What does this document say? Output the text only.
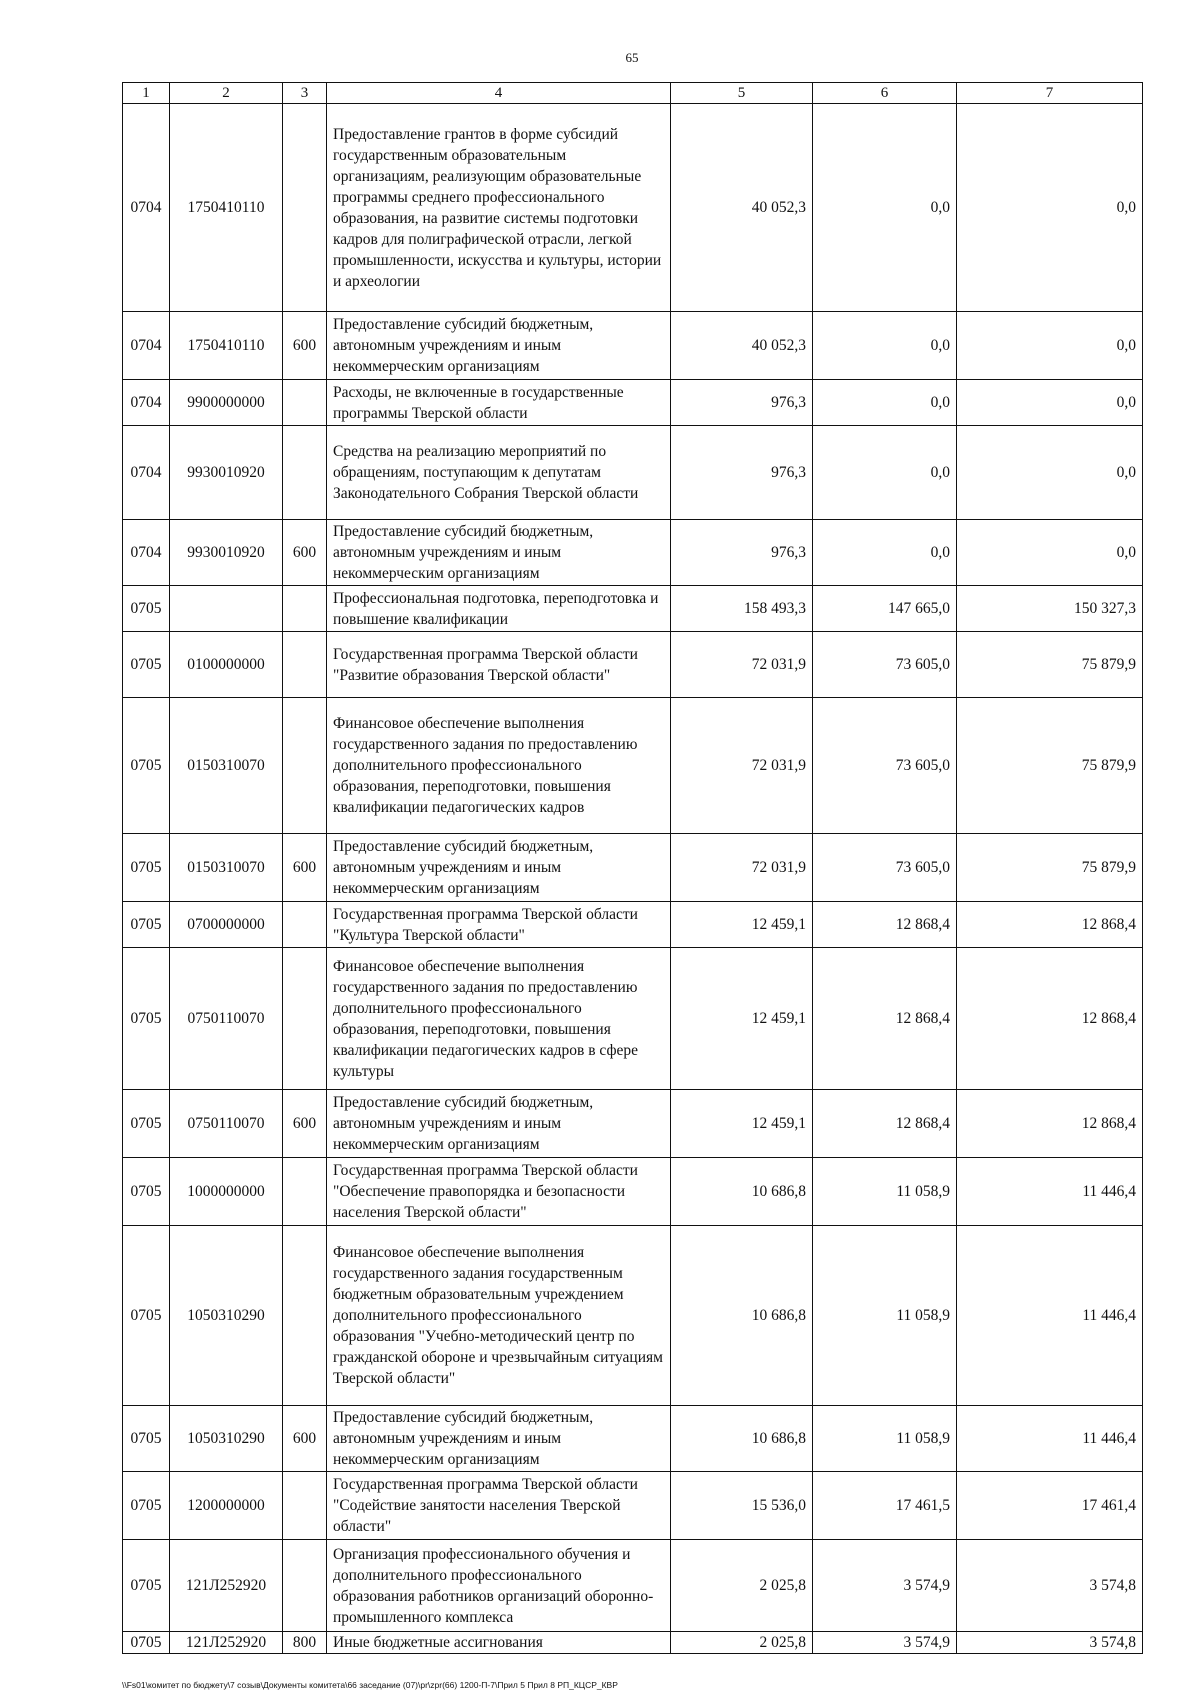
65
1	2	3	4	5	6	7
0704	1750410110		Предоставление грантов в форме субсидий государственным образовательным организациям, реализующим образовательные программы среднего профессионального образования, на развитие системы подготовки кадров для полиграфической отрасли, легкой промышленности, искусства и культуры, истории и археологии	40 052,3	0,0	0,0
0704	1750410110	600	Предоставление субсидий бюджетным, автономным учреждениям и иным некоммерческим организациям	40 052,3	0,0	0,0
0704	9900000000		Расходы, не включенные в государственные программы Тверской области	976,3	0,0	0,0
0704	9930010920		Средства на реализацию мероприятий по обращениям, поступающим к депутатам Законодательного Собрания Тверской области	976,3	0,0	0,0
0704	9930010920	600	Предоставление субсидий бюджетным, автономным учреждениям и иным некоммерческим организациям	976,3	0,0	0,0
0705			Профессиональная подготовка, переподготовка и повышение квалификации	158 493,3	147 665,0	150 327,3
0705	0100000000		Государственная программа Тверской области "Развитие образования Тверской области"	72 031,9	73 605,0	75 879,9
0705	0150310070		Финансовое обеспечение выполнения государственного задания по предоставлению дополнительного профессионального образования, переподготовки, повышения квалификации педагогических кадров	72 031,9	73 605,0	75 879,9
0705	0150310070	600	Предоставление субсидий бюджетным, автономным учреждениям и иным некоммерческим организациям	72 031,9	73 605,0	75 879,9
0705	0700000000		Государственная программа Тверской области "Культура Тверской области"	12 459,1	12 868,4	12 868,4
0705	0750110070		Финансовое обеспечение выполнения государственного задания по предоставлению дополнительного профессионального образования, переподготовки, повышения квалификации педагогических кадров в сфере культуры	12 459,1	12 868,4	12 868,4
0705	0750110070	600	Предоставление субсидий бюджетным, автономным учреждениям и иным некоммерческим организациям	12 459,1	12 868,4	12 868,4
0705	1000000000		Государственная программа Тверской области "Обеспечение правопорядка и безопасности населения Тверской области"	10 686,8	11 058,9	11 446,4
0705	1050310290		Финансовое обеспечение выполнения государственного задания государственным бюджетным образовательным учреждением дополнительного профессионального образования "Учебно-методический центр по гражданской обороне и чрезвычайным ситуациям Тверской области"	10 686,8	11 058,9	11 446,4
0705	1050310290	600	Предоставление субсидий бюджетным, автономным учреждениям и иным некоммерческим организациям	10 686,8	11 058,9	11 446,4
0705	1200000000		Государственная программа Тверской области "Содействие занятости населения Тверской области"	15 536,0	17 461,5	17 461,4
0705	121Л252920		Организация профессионального обучения и дополнительного профессионального образования работников организаций оборонно-промышленного комплекса	2 025,8	3 574,9	3 574,8
0705	121Л252920	800	Иные бюджетные ассигнования	2 025,8	3 574,9	3 574,8
\\Fs01\комитет по бюджету\7 созыв\Документы комитета\66 заседание (07)\pr\zpr(66) 1200-П-7\Прил 5 Прил 8 РП_КЦСР_КВР
